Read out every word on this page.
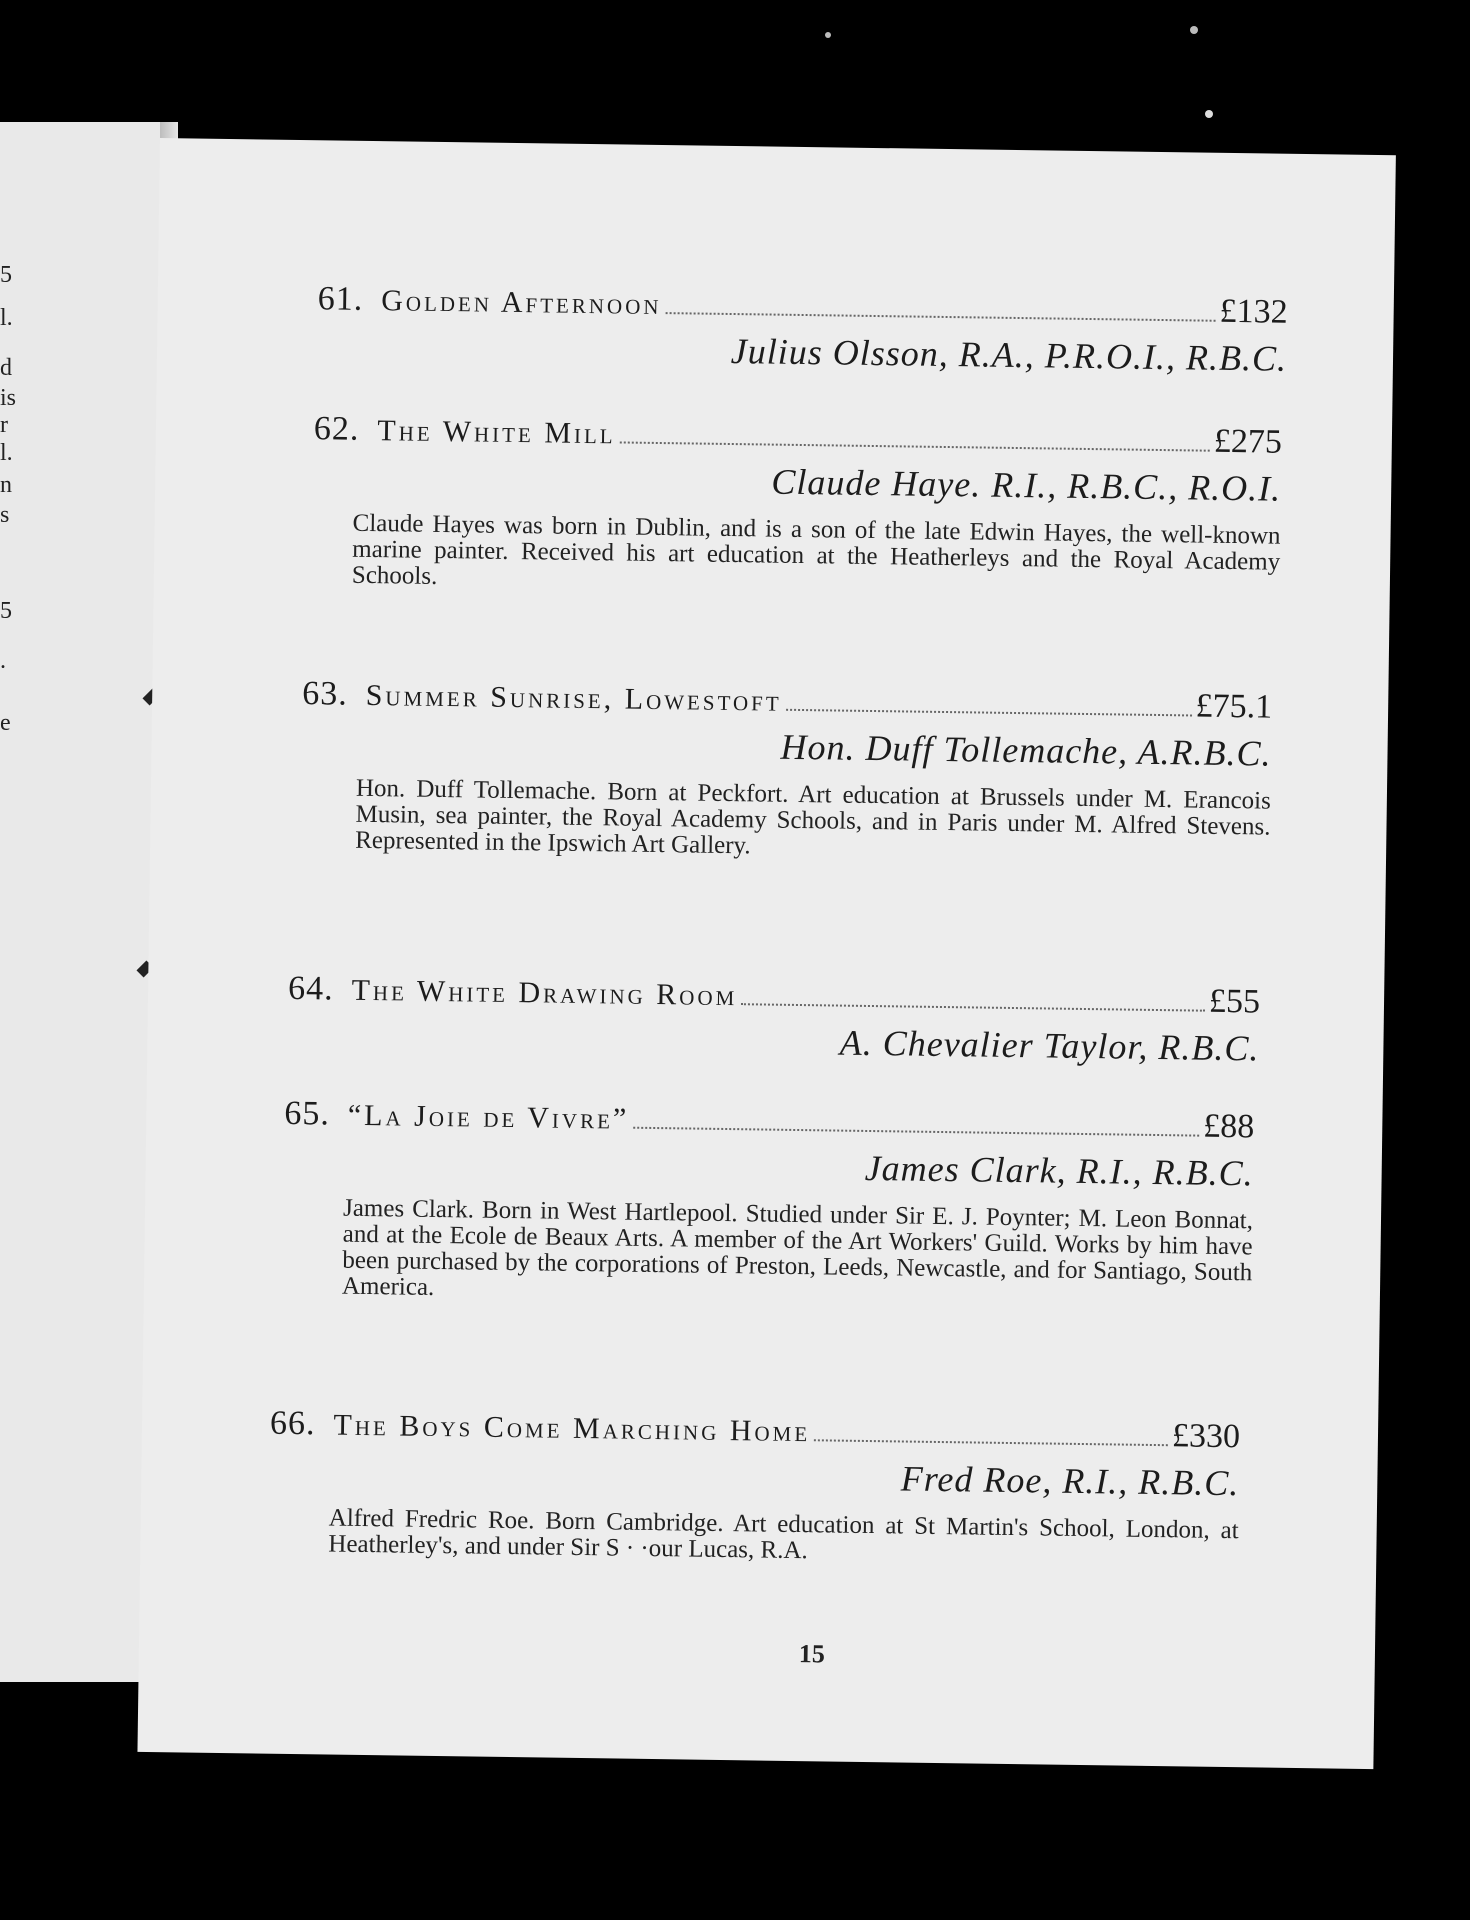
5
l.
d
is
r
l.
n
s
5
.
e
61. Golden Afternoon	£132
Julius Olsson, R.A., P.R.O.I., R.B.C.
62. The White Mill	£275
Claude Haye. R.I., R.B.C., R.O.I.
Claude Hayes was born in Dublin, and is a son of the late Edwin Hayes, the well-known marine painter. Received his art education at the Heatherleys and the Royal Academy Schools.
63. Summer Sunrise, Lowestoft	£75.1
Hon. Duff Tollemache, A.R.B.C.
Hon. Duff Tollemache. Born at Peckfort. Art education at Brussels under M. Erancois Musin, sea painter, the Royal Academy Schools, and in Paris under M. Alfred Stevens. Represented in the Ipswich Art Gallery.
64. The White Drawing Room	£55
A. Chevalier Taylor, R.B.C.
65. “La Joie de Vivre”	£88
James Clark, R.I., R.B.C.
James Clark. Born in West Hartlepool. Studied under Sir E. J. Poynter; M. Leon Bonnat, and at the Ecole de Beaux Arts. A member of the Art Workers' Guild. Works by him have been purchased by the corporations of Preston, Leeds, Newcastle, and for Santiago, South America.
66. The Boys Come Marching Home	£330
Fred Roe, R.I., R.B.C.
Alfred Fredric Roe. Born Cambridge. Art education at St Martin's School, London, at Heatherley's, and under Sir S · ·our Lucas, R.A.
15
